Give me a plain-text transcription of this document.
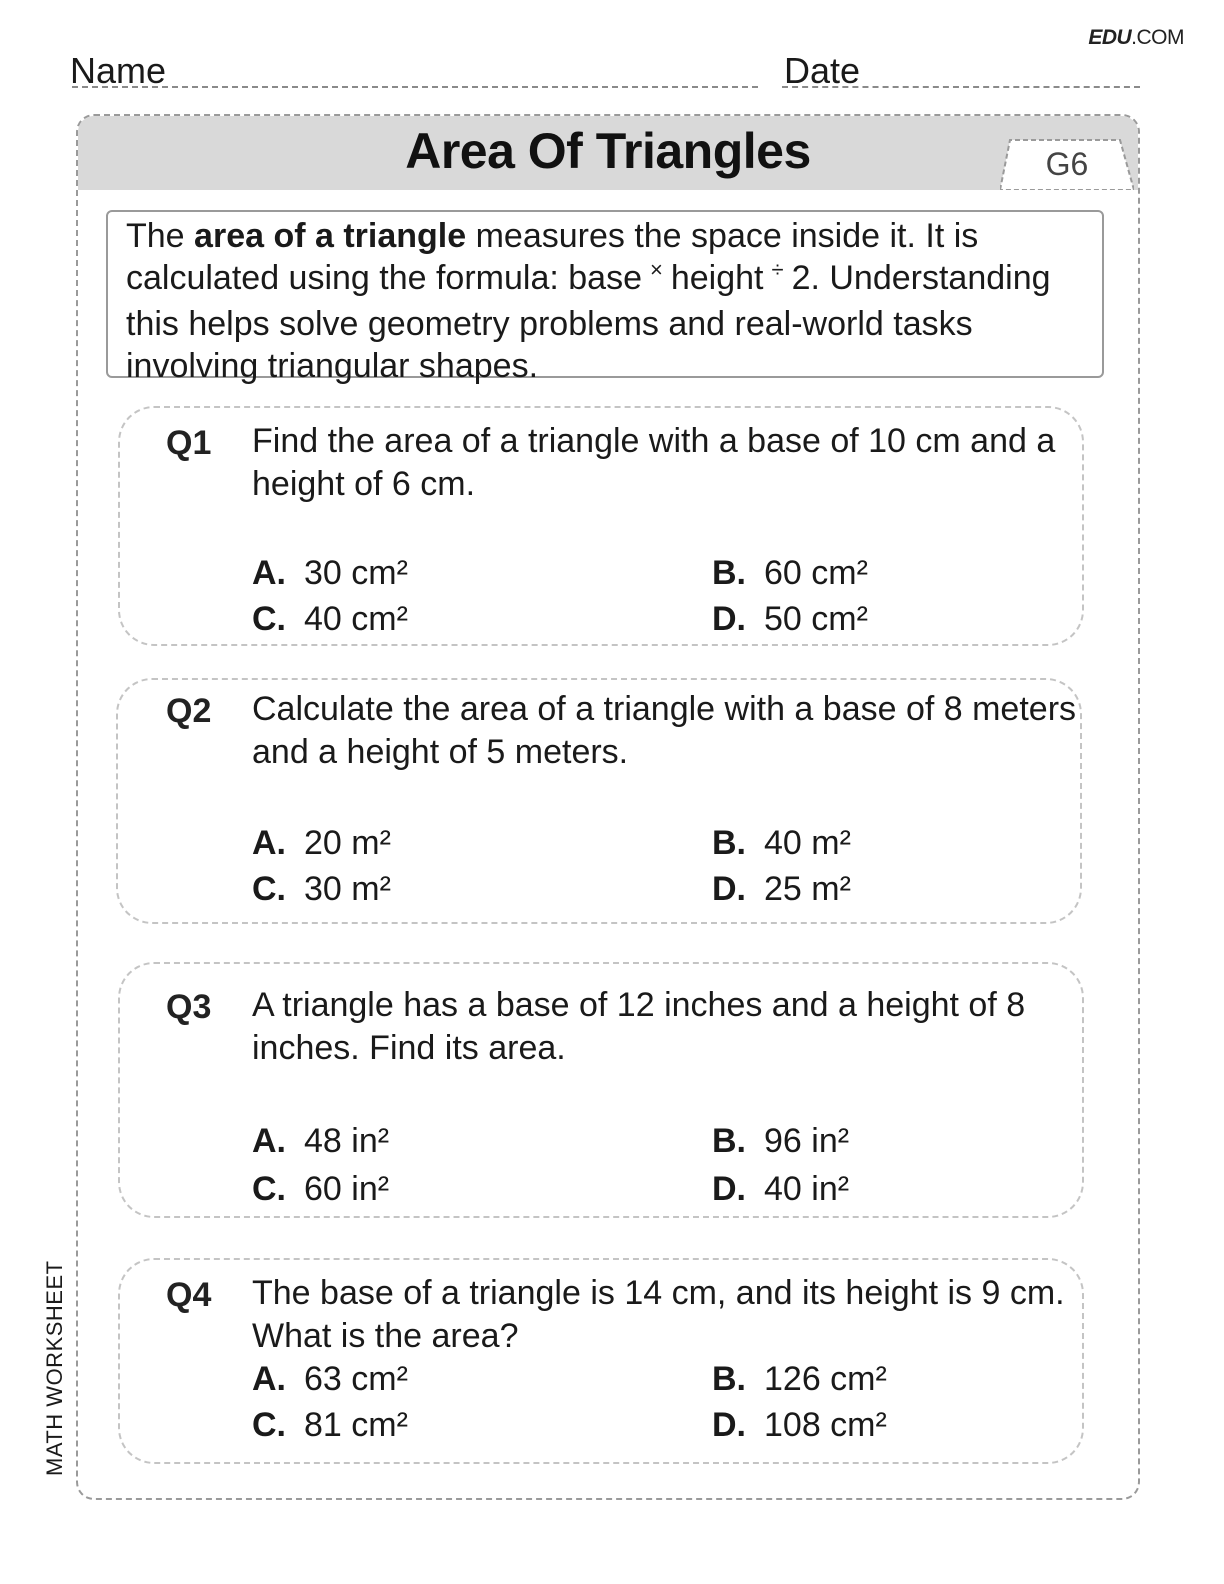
EDU.COM
Name	Date
Area Of Triangles	G6
The area of a triangle measures the space inside it. It is calculated using the formula: base × height ÷ 2. Understanding this helps solve geometry problems and real-world tasks involving triangular shapes.
Q1 Find the area of a triangle with a base of 10 cm and a height of 6 cm.
A. 30 cm²	B. 60 cm²
C. 40 cm²	D. 50 cm²
Q2 Calculate the area of a triangle with a base of 8 meters and a height of 5 meters.
A. 20 m²	B. 40 m²
C. 30 m²	D. 25 m²
Q3 A triangle has a base of 12 inches and a height of 8 inches. Find its area.
A. 48 in²	B. 96 in²
C. 60 in²	D. 40 in²
Q4 The base of a triangle is 14 cm, and its height is 9 cm. What is the area?
A. 63 cm²	B. 126 cm²
C. 81 cm²	D. 108 cm²
MATH WORKSHEET
